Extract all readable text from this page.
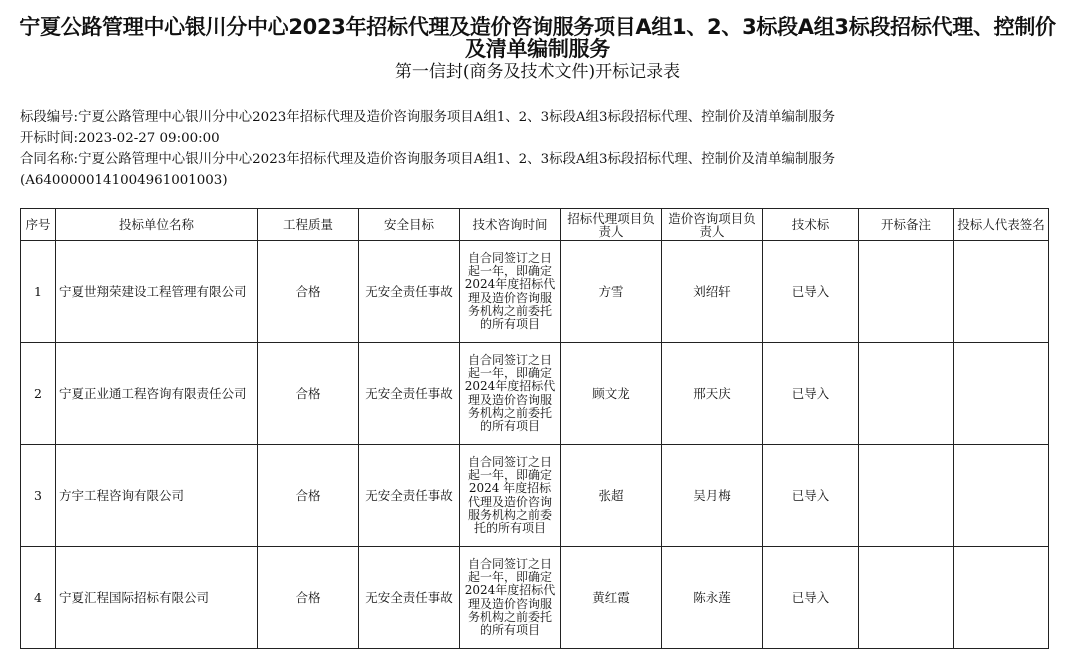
宁夏公路管理中心银川分中心2023年招标代理及造价咨询服务项目A组1、2、3标段A组3标段招标代理、控制价及清单编制服务
第一信封(商务及技术文件)开标记录表
标段编号:宁夏公路管理中心银川分中心2023年招标代理及造价咨询服务项目A组1、2、3标段A组3标段招标代理、控制价及清单编制服务
开标时间:2023-02-27 09:00:00
合同名称:宁夏公路管理中心银川分中心2023年招标代理及造价咨询服务项目A组1、2、3标段A组3标段招标代理、控制价及清单编制服务
(A640000014100496100100​3)
序号	投标单位名称	工程质量	安全目标	技术咨询时间	招标代理项目负责人	造价咨询项目负责人	技术标	开标备注	投标人代表签名
1	宁夏世翔荣建设工程管理有限公司	合格	无安全责任事故	自合同签订之日起一年，即确定2024年度招标代理及造价咨询服务机构之前委托的所有项目	方雪	刘绍轩	已导入		
2	宁夏正业通工程咨询有限责任公司	合格	无安全责任事故	自合同签订之日起一年，即确定2024年度招标代理及造价咨询服务机构之前委托的所有项目	顾文龙	邢天庆	已导入		
3	方宇工程咨询有限公司	合格	无安全责任事故	自合同签订之日起一年，即确定 2024 年度招标代理及造价咨询服务机构之前委托的所有项目	张超	吴月梅	已导入		
4	宁夏汇程国际招标有限公司	合格	无安全责任事故	自合同签订之日起一年，即确定2024年度招标代理及造价咨询服务机构之前委托的所有项目	黄红霞	陈永莲	已导入		
